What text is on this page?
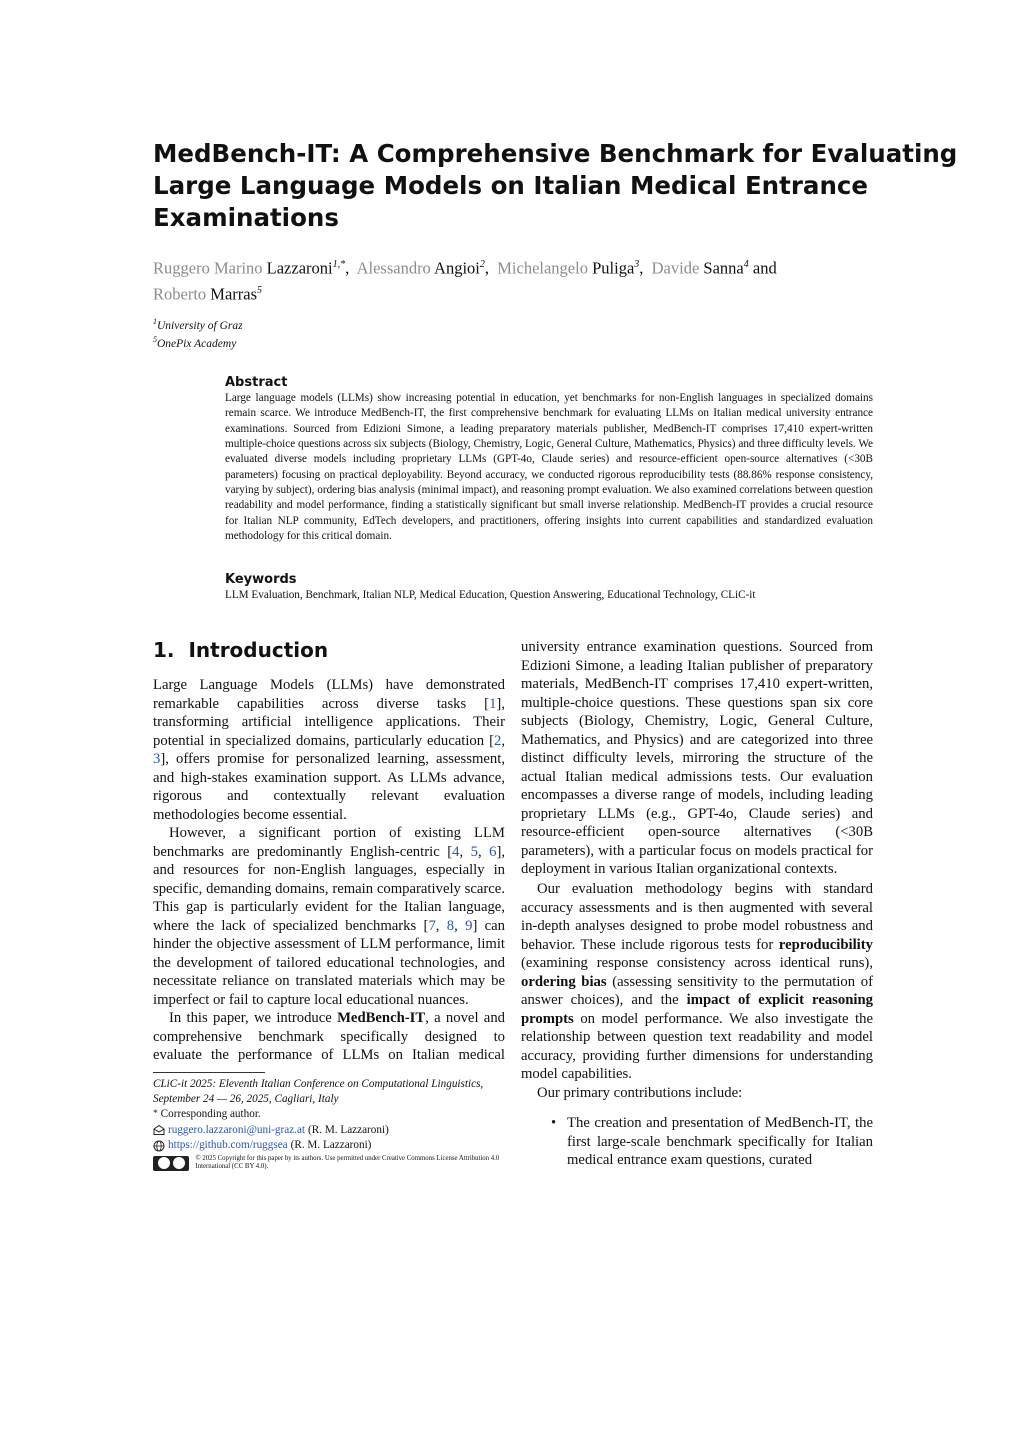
MedBench-IT: A Comprehensive Benchmark for Evaluating
Large Language Models on Italian Medical Entrance
Examinations
Ruggero Marino Lazzaroni$^{1,*}$,  Alessandro Angioi$^2$,  Michelangelo Puliga$^3$,  Davide Sanna$^4$ and
Roberto Marras$^5$
$^1$University of Graz
$^5$OnePix Academy
Abstract

Large language models (LLMs) show increasing potential in education, yet benchmarks for non-English languages in specialized domains remain scarce. We introduce MedBench-IT, the first comprehensive benchmark for evaluating LLMs on Italian medical university entrance examinations. Sourced from Edizioni Simone, a leading preparatory materials publisher, MedBench-IT comprises 17,410 expert-written multiple-choice questions across six subjects (Biology, Chemistry, Logic, General Culture, Mathematics, Physics) and three difficulty levels. We evaluated diverse models including proprietary LLMs (GPT-4o, Claude series) and resource-efficient open-source alternatives (<30B parameters) focusing on practical deployability. Beyond accuracy, we conducted rigorous reproducibility tests (88.86% response consistency, varying by subject), ordering bias analysis (minimal impact), and reasoning prompt evaluation. We also examined correlations between question readability and model performance, finding a statistically significant but small inverse relationship. MedBench-IT provides a crucial resource for Italian NLP community, EdTech developers, and practitioners, offering insights into current capabilities and standardized evaluation methodology for this critical domain.

Keywords

LLM Evaluation, Benchmark, Italian NLP, Medical Education, Question Answering, Educational Technology, CLiC-it

1. Introduction

Large Language Models (LLMs) have demonstrated remarkable capabilities across diverse tasks [1], transforming artificial intelligence applications. Their potential in specialized domains, particularly education [2, 3], offers promise for personalized learning, assessment, and high-stakes examination support. As LLMs advance, rigorous and contextually relevant evaluation methodologies become essential.

However, a significant portion of existing LLM benchmarks are predominantly English-centric [4, 5, 6], and resources for non-English languages, especially in specific, demanding domains, remain comparatively scarce. This gap is particularly evident for the Italian language, where the lack of specialized benchmarks [7, 8, 9] can hinder the objective assessment of LLM performance, limit the development of tailored educational technologies, and necessitate reliance on translated materials which may be imperfect or fail to capture local educational nuances.

In this paper, we introduce MedBench-IT, a novel and comprehensive benchmark specifically designed to evaluate the performance of LLMs on Italian medical

university entrance examination questions. Sourced from Edizioni Simone, a leading Italian publisher of preparatory materials, MedBench-IT comprises 17,410 expert-written, multiple-choice questions. These questions span six core subjects (Biology, Chemistry, Logic, General Culture, Mathematics, and Physics) and are categorized into three distinct difficulty levels, mirroring the structure of the actual Italian medical admissions tests. Our evaluation encompasses a diverse range of models, including leading proprietary LLMs (e.g., GPT-4o, Claude series) and resource-efficient open-source alternatives (<30B parameters), with a particular focus on models practical for deployment in various Italian organizational contexts.

Our evaluation methodology begins with standard accuracy assessments and is then augmented with several in-depth analyses designed to probe model robustness and behavior. These include rigorous tests for reproducibility (examining response consistency across identical runs), ordering bias (assessing sensitivity to the permutation of answer choices), and the impact of explicit reasoning prompts on model performance. We also investigate the relationship between question text readability and model accuracy, providing further dimensions for understanding model capabilities.

Our primary contributions include:

• The creation and presentation of MedBench-IT, the first large-scale benchmark specifically for Italian medical entrance exam questions, curated

CLiC-it 2025: Eleventh Italian Conference on Computational Linguistics, September 24 — 26, 2025, Cagliari, Italy

* Corresponding author.

ruggero.lazzaroni@uni-graz.at (R. M. Lazzaroni)

https://github.com/ruggsea (R. M. Lazzaroni)

© 2025 Copyright for this paper by its authors. Use permitted under Creative Commons License Attribution 4.0 International (CC BY 4.0).
